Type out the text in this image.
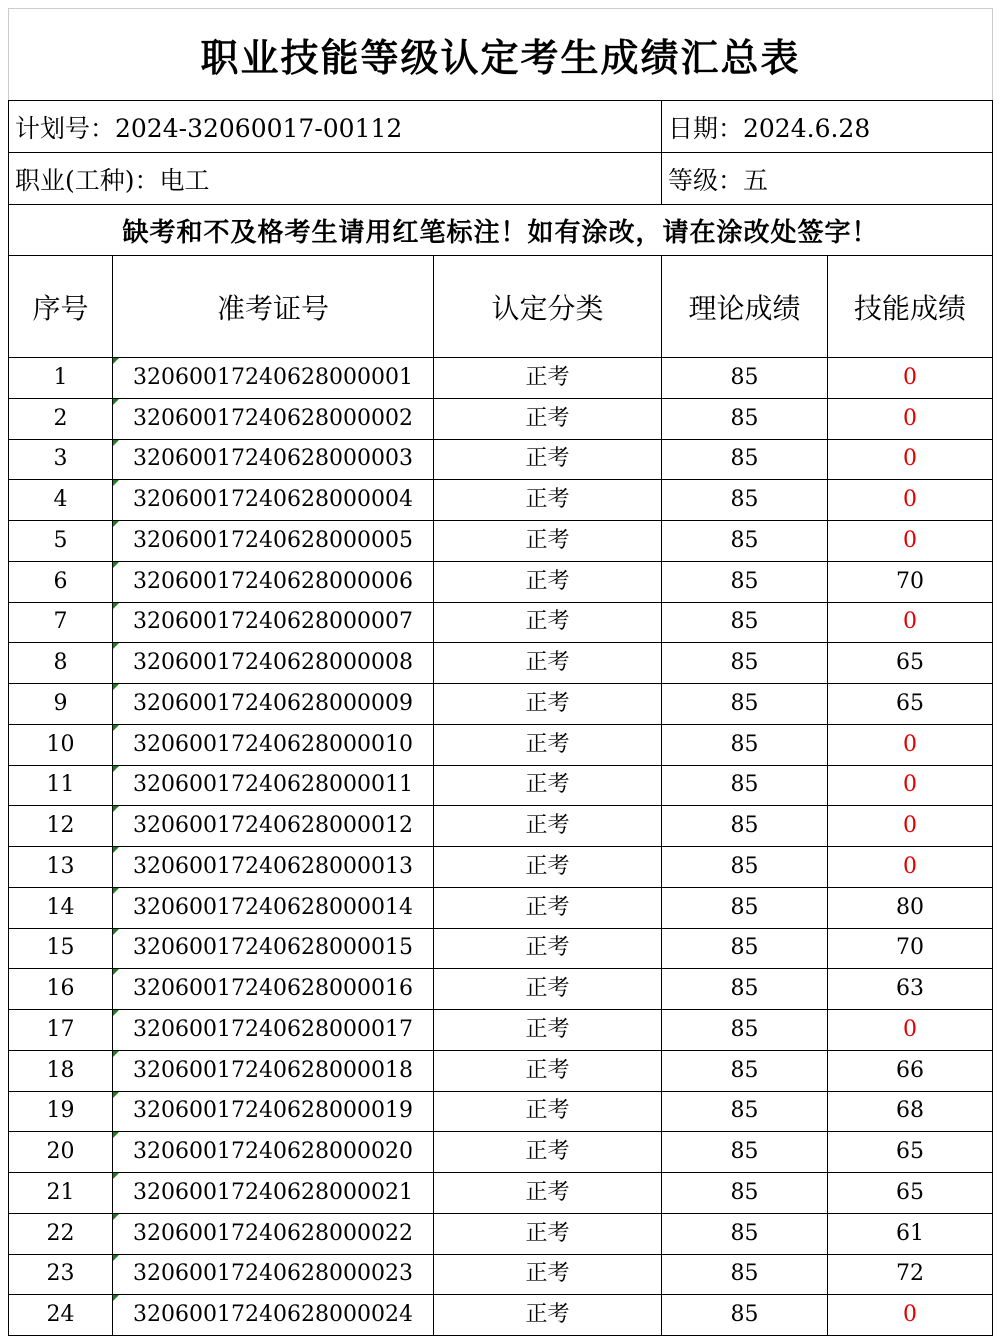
职业技能等级认定考生成绩汇总表				
计划号：2024-32060017-00112			日期：2024.6.28	
职业(工种)：电工			等级：五	
缺考和不及格考生请用红笔标注！如有涂改，请在涂改处签字！				
序号	准考证号	认定分类	理论成绩	技能成绩
1	32060017240628000001	正考	85	0
2	32060017240628000002	正考	85	0
3	32060017240628000003	正考	85	0
4	32060017240628000004	正考	85	0
5	32060017240628000005	正考	85	0
6	32060017240628000006	正考	85	70
7	32060017240628000007	正考	85	0
8	32060017240628000008	正考	85	65
9	32060017240628000009	正考	85	65
10	32060017240628000010	正考	85	0
11	32060017240628000011	正考	85	0
12	32060017240628000012	正考	85	0
13	32060017240628000013	正考	85	0
14	32060017240628000014	正考	85	80
15	32060017240628000015	正考	85	70
16	32060017240628000016	正考	85	63
17	32060017240628000017	正考	85	0
18	32060017240628000018	正考	85	66
19	32060017240628000019	正考	85	68
20	32060017240628000020	正考	85	65
21	32060017240628000021	正考	85	65
22	32060017240628000022	正考	85	61
23	32060017240628000023	正考	85	72
24	32060017240628000024	正考	85	0
